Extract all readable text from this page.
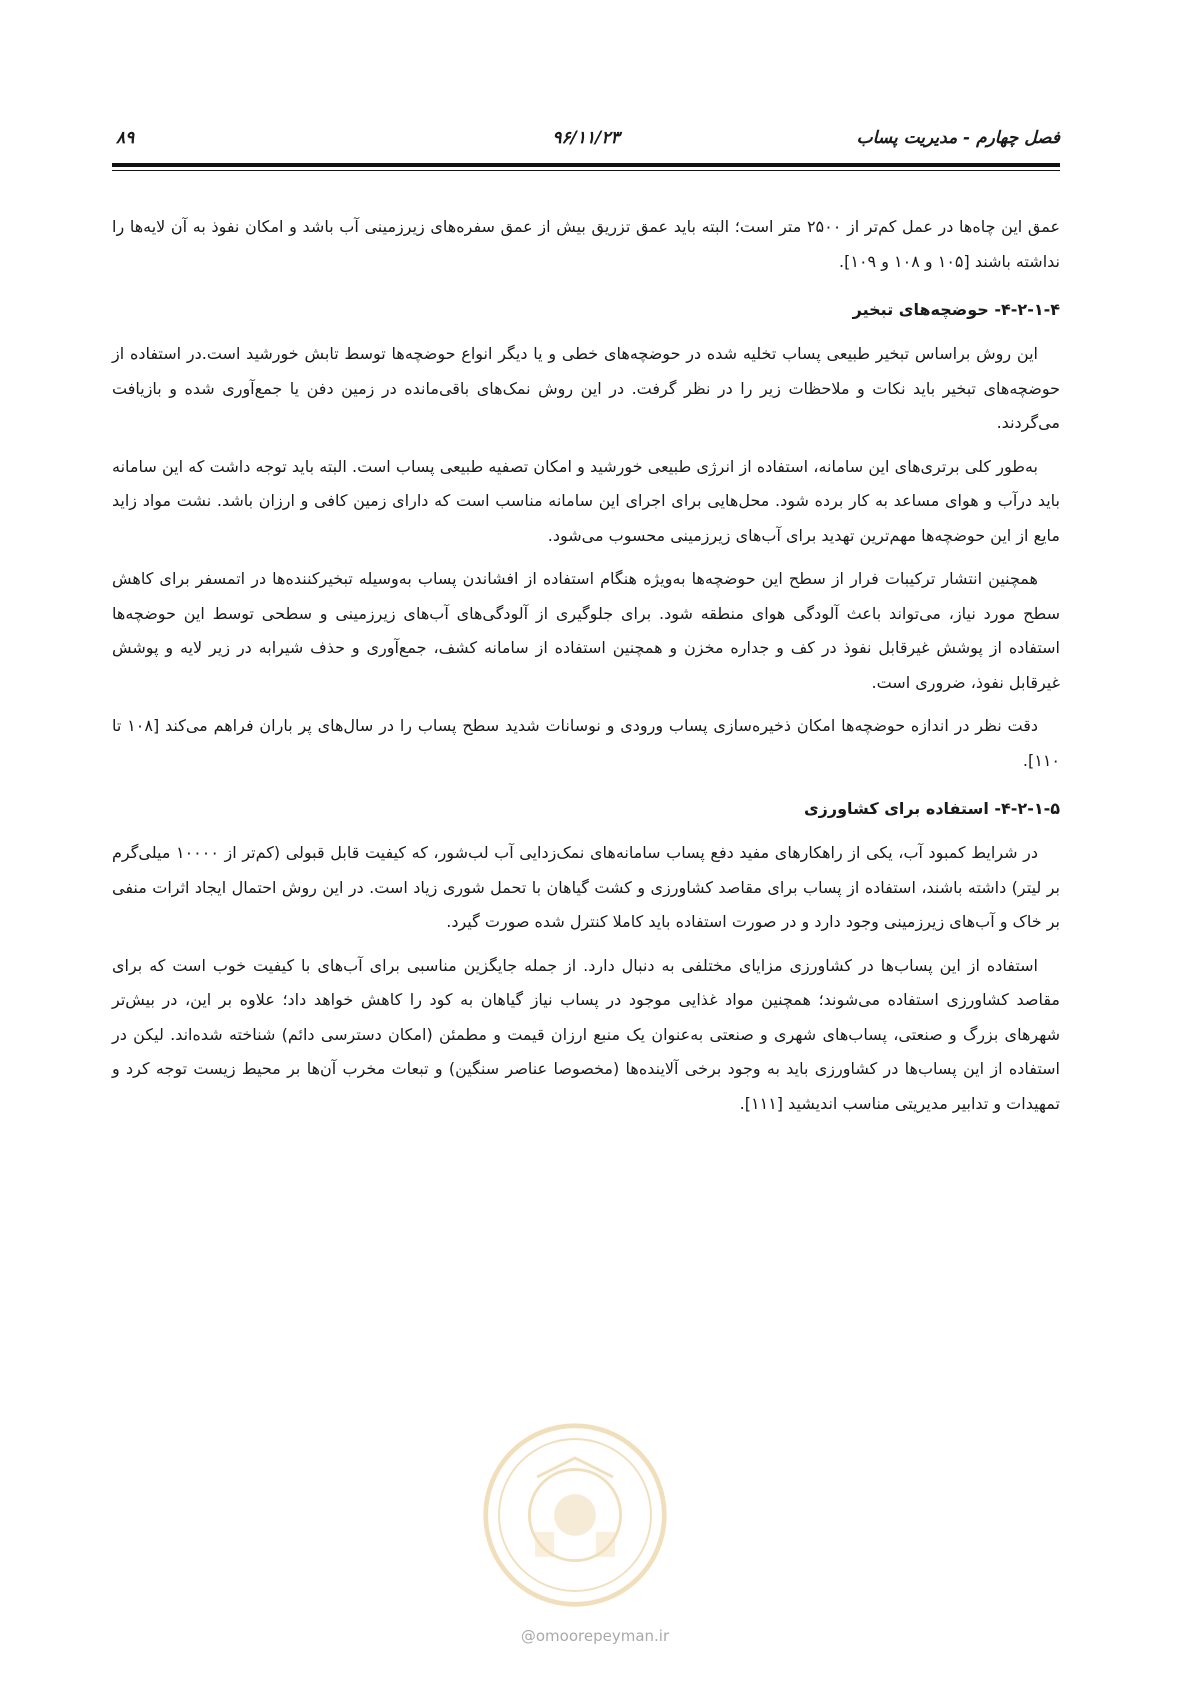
فصل چهارم - مدیریت پساب
۹۶/۱۱/۲۳
۸۹

عمق این چاه‌ها در عمل کم‌تر از ۲۵۰۰ متر است؛ البته باید عمق تزریق بیش از عمق سفره‌های زیرزمینی آب باشد و امکان نفوذ به آن لایه‌ها را نداشته باشند [۱۰۵ و ۱۰۸ و ۱۰۹].

۴-۲-۱-۴- حوضچه‌های تبخیر

این روش براساس تبخیر طبیعی پساب تخلیه شده در حوضچه‌های خطی و یا دیگر انواع حوضچه‌ها توسط تابش خورشید است.در استفاده از حوضچه‌های تبخیر باید نکات و ملاحظات زیر را در نظر گرفت. در این روش نمک‌های باقی‌مانده در زمین دفن یا جمع‌آوری شده و بازیافت می‌گردند.

به‌طور کلی برتری‌های این سامانه، استفاده از انرژی طبیعی خورشید و امکان تصفیه طبیعی پساب است. البته باید توجه داشت که این سامانه باید درآب و هوای مساعد به کار برده شود. محل‌هایی برای اجرای این سامانه مناسب است که دارای زمین کافی و ارزان باشد. نشت مواد زاید مایع از این حوضچه‌ها مهم‌ترین تهدید برای آب‌های زیرزمینی محسوب می‌شود.

همچنین انتشار ترکیبات فرار از سطح این حوضچه‌ها به‌ویژه هنگام استفاده از افشاندن پساب به‌وسیله تبخیرکننده‌ها در اتمسفر برای کاهش سطح مورد نیاز، می‌تواند باعث آلودگی هوای منطقه شود. برای جلوگیری از آلودگی‌های آب‌های زیرزمینی و سطحی توسط این حوضچه‌ها استفاده از پوشش غیرقابل نفوذ در کف و جداره مخزن و همچنین استفاده از سامانه کشف، جمع‌آوری و حذف شیرابه در زیر لایه و پوشش غیرقابل نفوذ، ضروری است.

دقت نظر در اندازه حوضچه‌ها امکان ذخیره‌سازی پساب ورودی و نوسانات شدید سطح پساب را در سال‌های پر باران فراهم می‌کند [۱۰۸ تا ۱۱۰].

۴-۲-۱-۵- استفاده برای کشاورزی

در شرایط کمبود آب، یکی از راهکارهای مفید دفع پساب سامانه‌های نمک‌زدایی آب لب‌شور، که کیفیت قابل قبولی (کم‌تر از ۱۰۰۰۰ میلی‌گرم بر لیتر) داشته باشند، استفاده از پساب برای مقاصد کشاورزی و کشت گیاهان با تحمل شوری زیاد است. در این روش احتمال ایجاد اثرات منفی بر خاک و آب‌های زیرزمینی وجود دارد و در صورت استفاده باید کاملا کنترل شده صورت گیرد.

استفاده از این پساب‌ها در کشاورزی مزایای مختلفی به دنبال دارد. از جمله جایگزین مناسبی برای آب‌های با کیفیت خوب است که برای مقاصد کشاورزی استفاده می‌شوند؛ همچنین مواد غذایی موجود در پساب نیاز گیاهان به کود را کاهش خواهد داد؛ علاوه بر این، در بیش‌تر شهرهای بزرگ و صنعتی، پساب‌های شهری و صنعتی به‌عنوان یک منبع ارزان قیمت و مطمئن (امکان دسترسی دائم) شناخته شده‌اند. لیکن در استفاده از این پساب‌ها در کشاورزی باید به وجود برخی آلاینده‌ها (مخصوصا عناصر سنگین) و تبعات مخرب آن‌ها بر محیط زیست توجه کرد و تمهیدات و تدابیر مدیریتی مناسب اندیشید [۱۱۱].

@omoorepeyman.ir
